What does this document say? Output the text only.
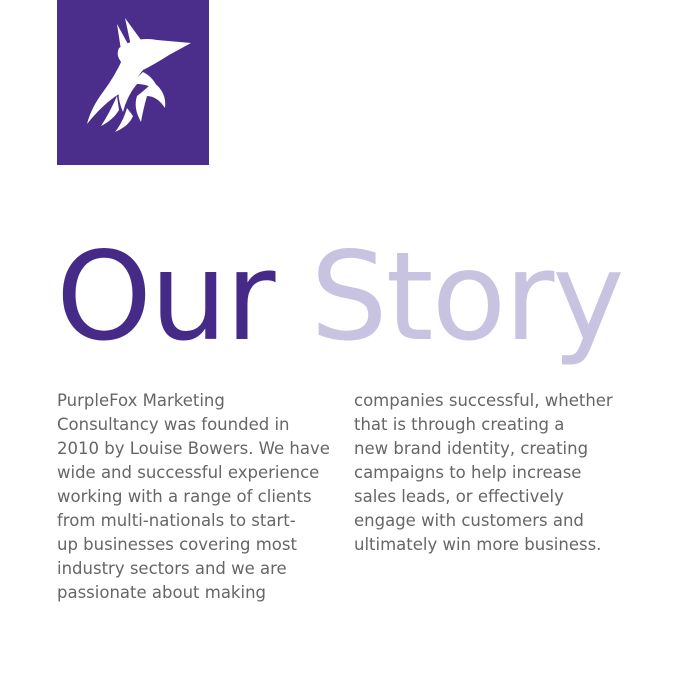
Our Story

PurpleFox Marketing
Consultancy was founded in
2010 by Louise Bowers. We have
wide and successful experience
working with a range of clients
from multi-nationals to start-
up businesses covering most
industry sectors and we are
passionate about making

companies successful, whether
that is through creating a
new brand identity, creating
campaigns to help increase
sales leads, or effectively
engage with customers and
ultimately win more business.
